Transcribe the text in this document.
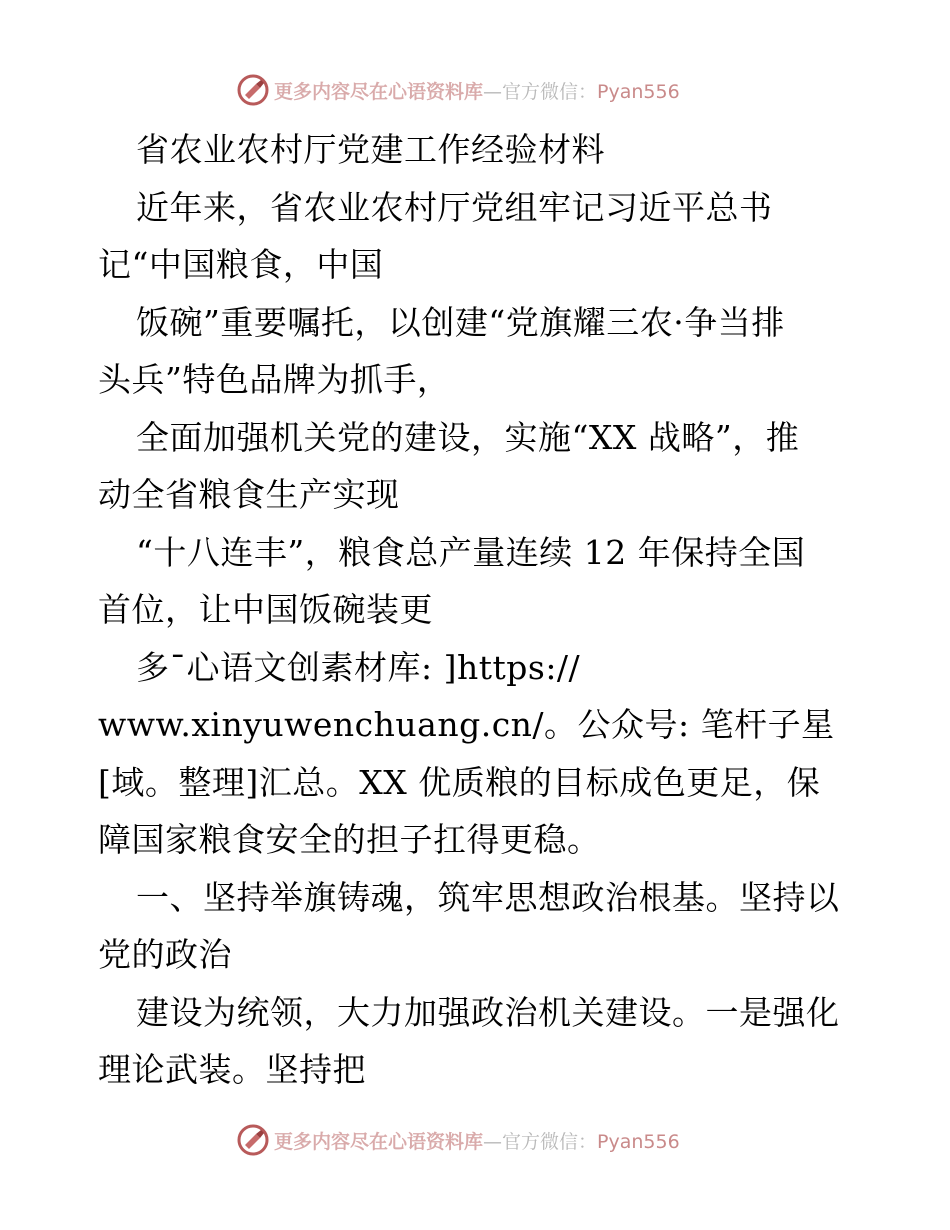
更多内容尽在心语资料库—官方微信：Pyan556
省农业农村厅党建工作经验材料
近年来，省农业农村厅党组牢记习近平总书
记“中国粮食，中国
饭碗”重要嘱托，以创建“党旗耀三农·争当排
头兵”特色品牌为抓手，
全面加强机关党的建设，实施“XX 战略”，推
动全省粮食生产实现
“十八连丰”，粮食总产量连续 12 年保持全国
首位，让中国饭碗装更
多¯心语文创素材库: ]https://
www.xinyuwenchuang.cn/。公众号: 笔杆子星
[域。整理]汇总。XX 优质粮的目标成色更足，保
障国家粮食安全的担子扛得更稳。
一、坚持举旗铸魂，筑牢思想政治根基。坚持以
党的政治
建设为统领，大力加强政治机关建设。一是强化
理论武装。坚持把
更多内容尽在心语资料库—官方微信：Pyan556
